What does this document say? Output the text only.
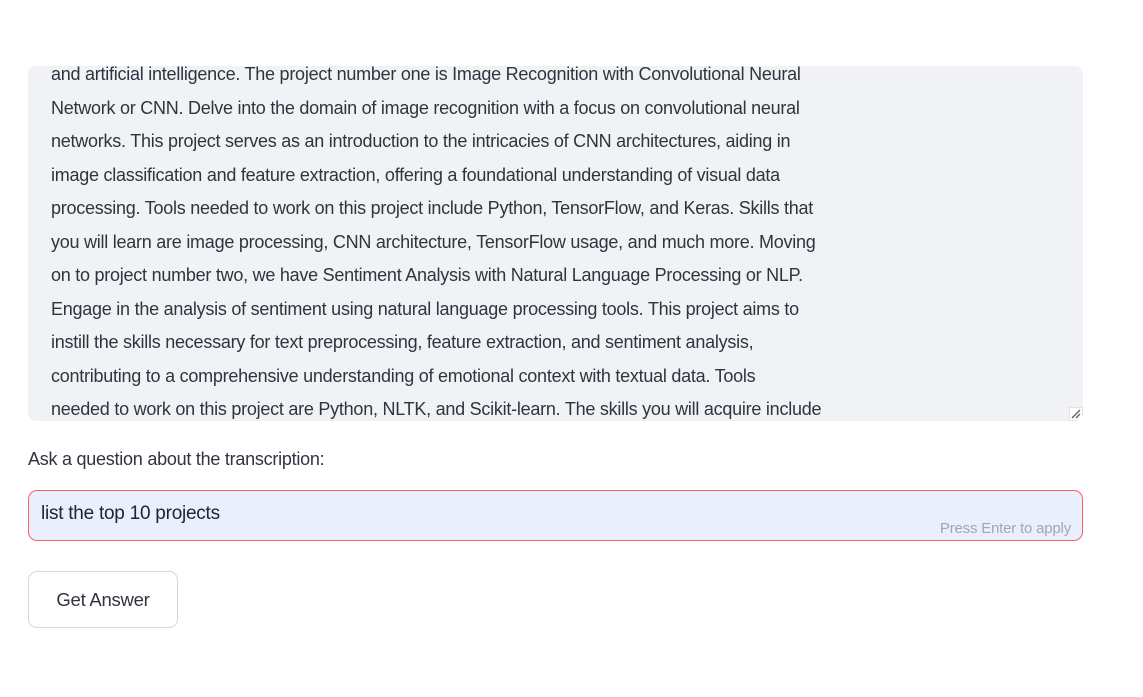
and artificial intelligence. The project number one is Image Recognition with Convolutional Neural
Network or CNN. Delve into the domain of image recognition with a focus on convolutional neural
networks. This project serves as an introduction to the intricacies of CNN architectures, aiding in
image classification and feature extraction, offering a foundational understanding of visual data
processing. Tools needed to work on this project include Python, TensorFlow, and Keras. Skills that
you will learn are image processing, CNN architecture, TensorFlow usage, and much more. Moving
on to project number two, we have Sentiment Analysis with Natural Language Processing or NLP.
Engage in the analysis of sentiment using natural language processing tools. This project aims to
instill the skills necessary for text preprocessing, feature extraction, and sentiment analysis,
contributing to a comprehensive understanding of emotional context with textual data. Tools
needed to work on this project are Python, NLTK, and Scikit-learn. The skills you will acquire include
Ask a question about the transcription:
list the top 10 projects
Press Enter to apply
Get Answer
